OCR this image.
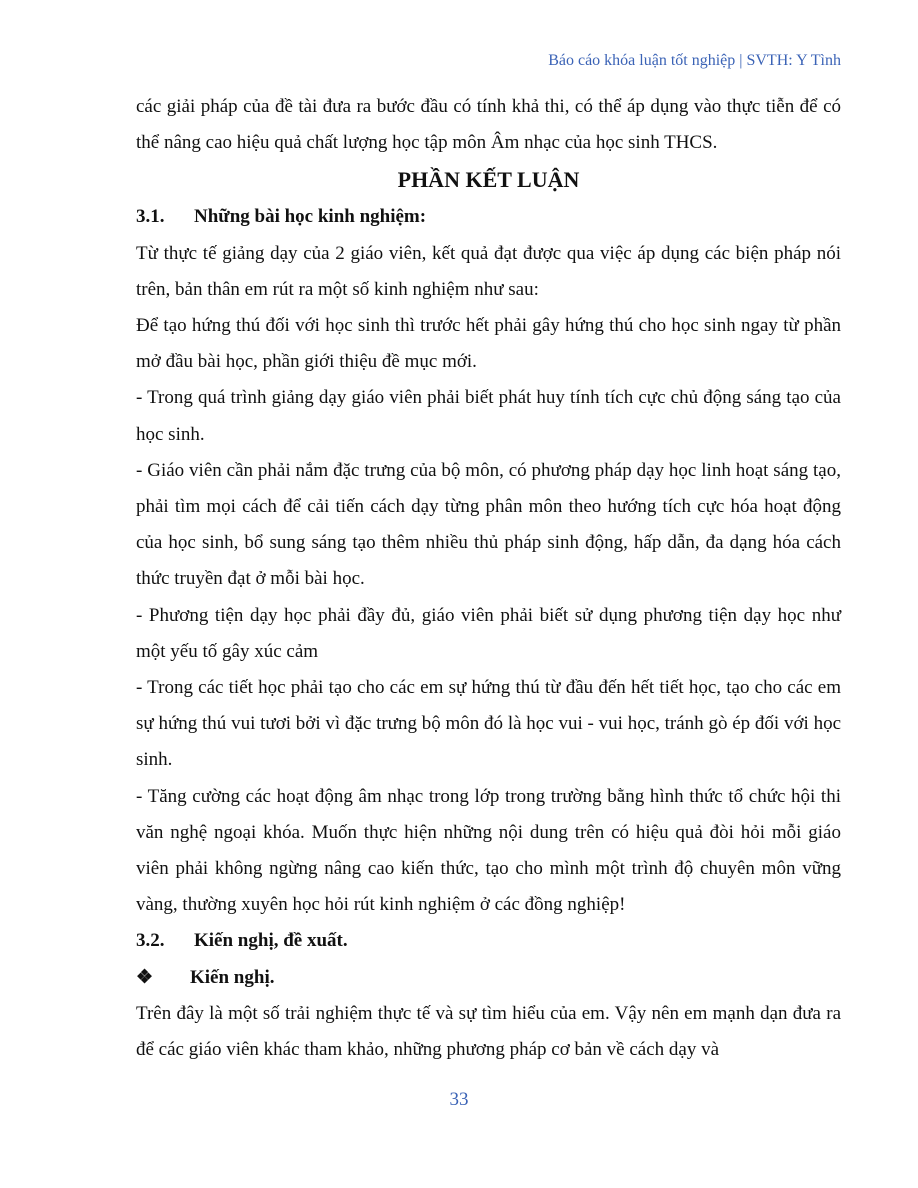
Báo cáo khóa luận tốt nghiệp | SVTH: Y Tình

các giải pháp của đề tài đưa ra bước đầu có tính khả thi, có thể áp dụng vào thực tiễn để có thể nâng cao hiệu quả chất lượng học tập môn Âm nhạc của học sinh THCS.

PHẦN KẾT LUẬN
3.1.	Những bài học kinh nghiệm:

Từ thực tế giảng dạy của 2 giáo viên, kết quả đạt được qua việc áp dụng các biện pháp nói trên, bản thân em rút ra một số kinh nghiệm như sau:

Để tạo hứng thú đối với học sinh thì trước hết phải gây hứng thú cho học sinh ngay từ phần mở đầu bài học, phần giới thiệu đề mục mới.

- Trong quá trình giảng dạy giáo viên phải biết phát huy tính tích cực chủ động sáng tạo của học sinh.

- Giáo viên cần phải nắm đặc trưng của bộ môn, có phương pháp dạy học linh hoạt sáng tạo, phải tìm mọi cách để cải tiến cách dạy từng phân môn theo hướng tích cực hóa hoạt động của học sinh, bổ sung sáng tạo thêm nhiều thủ pháp sinh động, hấp dẫn, đa dạng hóa cách thức truyền đạt ở mỗi bài học.

- Phương tiện dạy học phải đầy đủ, giáo viên phải biết sử dụng phương tiện dạy học như một yếu tố gây xúc cảm

- Trong các tiết học phải tạo cho các em sự hứng thú từ đầu đến hết tiết học, tạo cho các em sự hứng thú vui tươi bởi vì đặc trưng bộ môn đó là học vui - vui học, tránh gò ép đối với học sinh.

- Tăng cường các hoạt động âm nhạc trong lớp trong trường bằng hình thức tổ chức hội thi văn nghệ ngoại khóa. Muốn thực hiện những nội dung trên có hiệu quả đòi hỏi mỗi giáo viên phải không ngừng nâng cao kiến thức, tạo cho mình một trình độ chuyên môn vững vàng, thường xuyên học hỏi rút kinh nghiệm ở các đồng nghiệp!

3.2.	Kiến nghị, đề xuất.
❖	Kiến nghị.

Trên đây là một số trải nghiệm thực tế và sự tìm hiểu của em. Vậy nên em mạnh dạn đưa ra để các giáo viên khác tham khảo, những phương pháp cơ bản về cách dạy và

33
